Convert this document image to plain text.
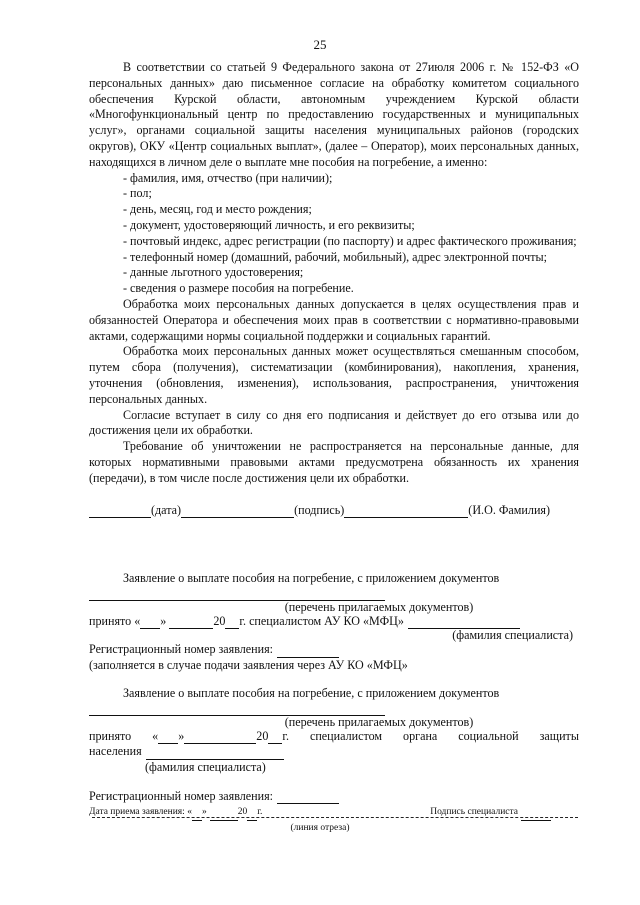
25

В соответствии со статьей 9 Федерального закона от 27июля 2006 г. № 152-ФЗ «О персональных данных» даю письменное согласие на обработку комитетом социального обеспечения Курской области, автономным учреждением Курской области «Многофункциональный центр по предоставлению государственных и муниципальных услуг», органами социальной защиты населения муниципальных районов (городских округов), ОКУ «Центр социальных выплат», (далее – Оператор), моих персональных данных, находящихся в личном деле о выплате мне пособия на погребение, а именно:

- фамилия, имя, отчество (при наличии);

- пол;

- день, месяц, год и место рождения;

- документ, удостоверяющий личность, и его реквизиты;

- почтовый индекс, адрес регистрации (по паспорту) и адрес фактического проживания;

- телефонный номер (домашний, рабочий, мобильный), адрес электронной почты;

- данные льготного удостоверения;

- сведения о размере пособия на погребение.

Обработка моих персональных данных допускается в целях осуществления прав и обязанностей Оператора и обеспечения моих прав в соответствии с нормативно-правовыми актами, содержащими нормы социальной поддержки и социальных гарантий.

Обработка моих персональных данных может осуществляться смешанным способом, путем сбора (получения), систематизации (комбинирования), накопления, хранения, уточнения (обновления, изменения), использования, распространения, уничтожения персональных данных.

Согласие вступает в силу со дня его подписания и действует до его отзыва или до достижения цели их обработки.

Требование об уничтожении не распространяется на персональные данные, для которых нормативными правовыми актами предусмотрена обязанность их хранения (передачи), в том числе после достижения цели их обработки.

(дата)	(подпись)	(И.О. Фамилия)

Заявление о выплате пособия на погребение, с приложением документов

(перечень прилагаемых документов)
принято « »	20 г. специалистом АУ КО «МФЦ»
(фамилия специалиста)
Регистрационный номер заявления:
(заполняется в случае подачи заявления через АУ КО «МФЦ»

Заявление о выплате пособия на погребение, с приложением документов

(перечень прилагаемых документов)
принято « »	20 г. специалистом органа социальной защиты
населения
(фамилия специалиста)
Регистрационный номер заявления:
Дата приема заявления: « »	20 г.	Подпись специалиста
(линия отреза)
